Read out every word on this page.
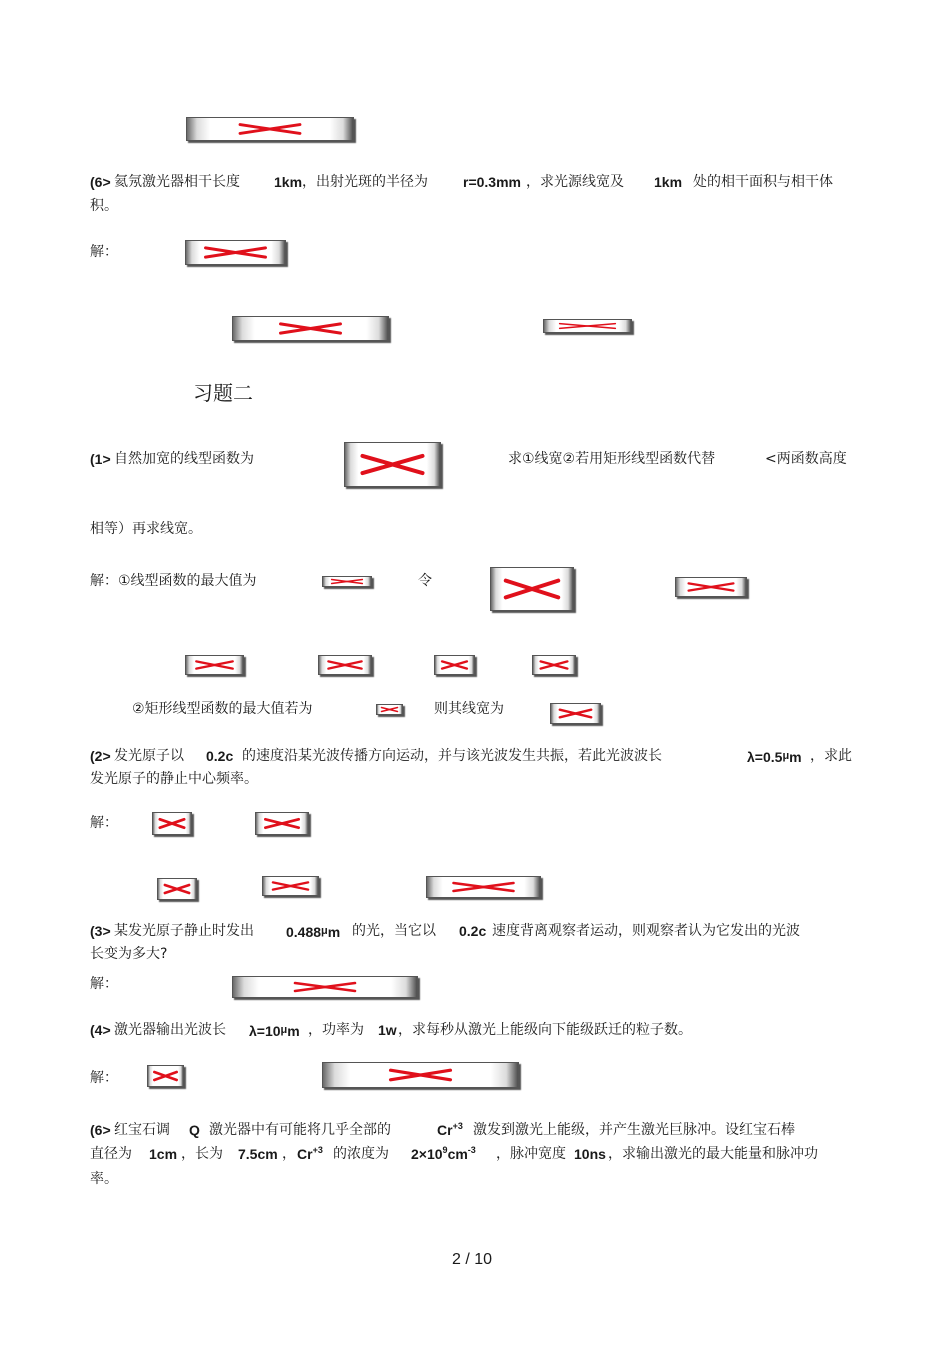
(6> 氦氖激光器相干长度 1km ，出射光斑的半径为	r=0.3mm ，求光源线宽及 1km 处的相干面积与相干体
积。
解：
习题二
(1> 自然加宽的线型函数为	求①线宽②若用矩形线型函数代替	<两函数高度
相等）再求线宽。
解：①线型函数的最大值为	令
②矩形线型函数的最大值若为	则其线宽为
(2> 发光原子以 0.2c 的速度沿某光波传播方向运动，并与该光波发生共振，若此光波波长	$\lambda=0.5^\mu m$ ，求此
发光原子的静止中心频率。
解：
(3> 某发光原子静止时发出 $0.488^\mu m$ 的光，当它以 0.2c 速度背离观察者运动，则观察者认为它发出的光波
长变为多大?
解：
(4> 激光器输出光波长 $\lambda=10^\mu m$ ，功率为 1w ，求每秒从激光上能级向下能级跃迁的粒子数。
解：
(6> 红宝石调 Q 激光器中有可能将几乎全部的	$Cr^{+3}$ 激发到激光上能级，并产生激光巨脉冲。设红宝石棒
直径为 1cm ，长为 7.5cm ， $Cr^{+3}$ 的浓度为 $2\times 10^9cm^{-3}$ ，脉冲宽度 10ns ，求输出激光的最大能量和脉冲功
率。
2 / 10
